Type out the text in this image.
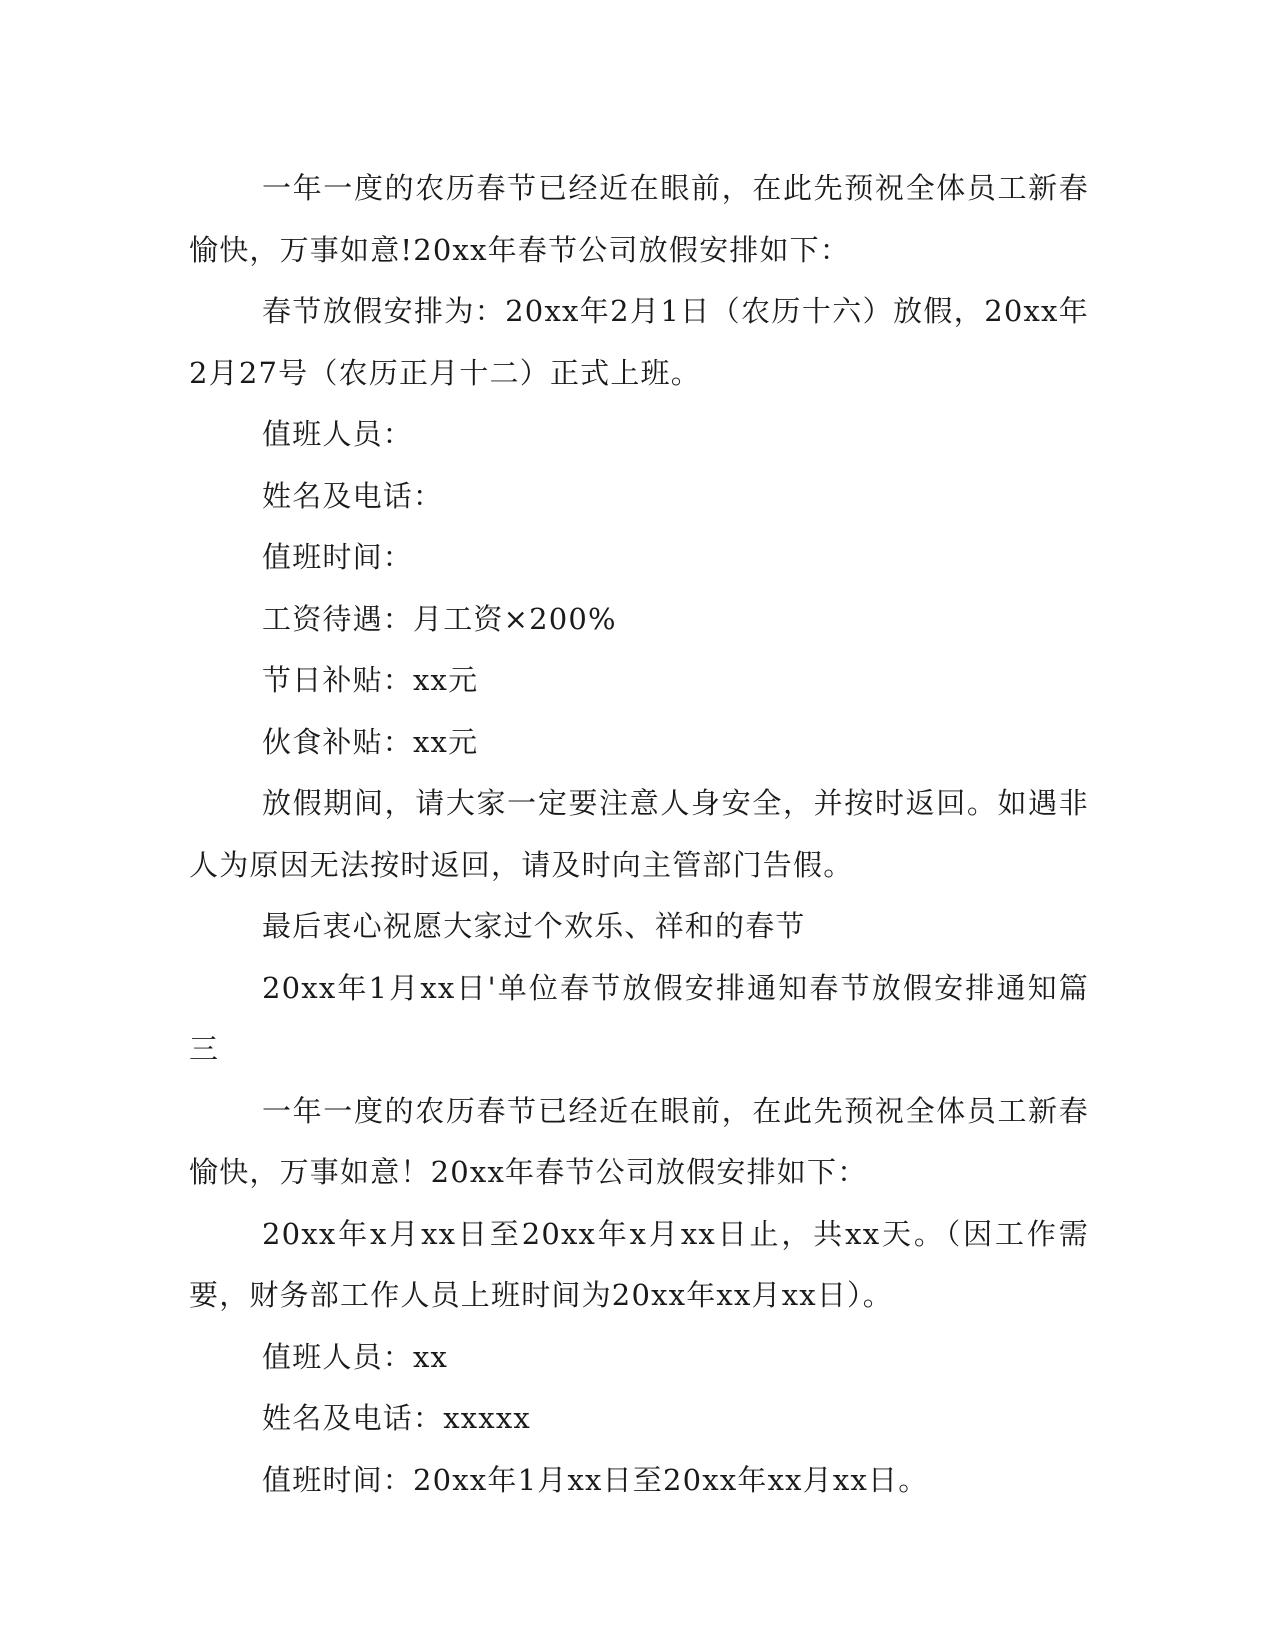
一年一度的农历春节已经近在眼前，在此先预祝全体员工新春愉快，万事如意!20xx年春节公司放假安排如下：

春节放假安排为：20xx年2月1日（农历十六）放假，20xx年2月27号（农历正月十二）正式上班。

值班人员：

姓名及电话：

值班时间：

工资待遇：月工资×200%

节日补贴：xx元

伙食补贴：xx元

放假期间，请大家一定要注意人身安全，并按时返回。如遇非人为原因无法按时返回，请及时向主管部门告假。

最后衷心祝愿大家过个欢乐、祥和的春节

20xx年1月xx日'单位春节放假安排通知春节放假安排通知篇三

一年一度的农历春节已经近在眼前，在此先预祝全体员工新春愉快，万事如意！20xx年春节公司放假安排如下：

20xx年x月xx日至20xx年x月xx日止，共xx天。（因工作需要，财务部工作人员上班时间为20xx年xx月xx日）。

值班人员：xx

姓名及电话：xxxxx

值班时间：20xx年1月xx日至20xx年xx月xx日。
